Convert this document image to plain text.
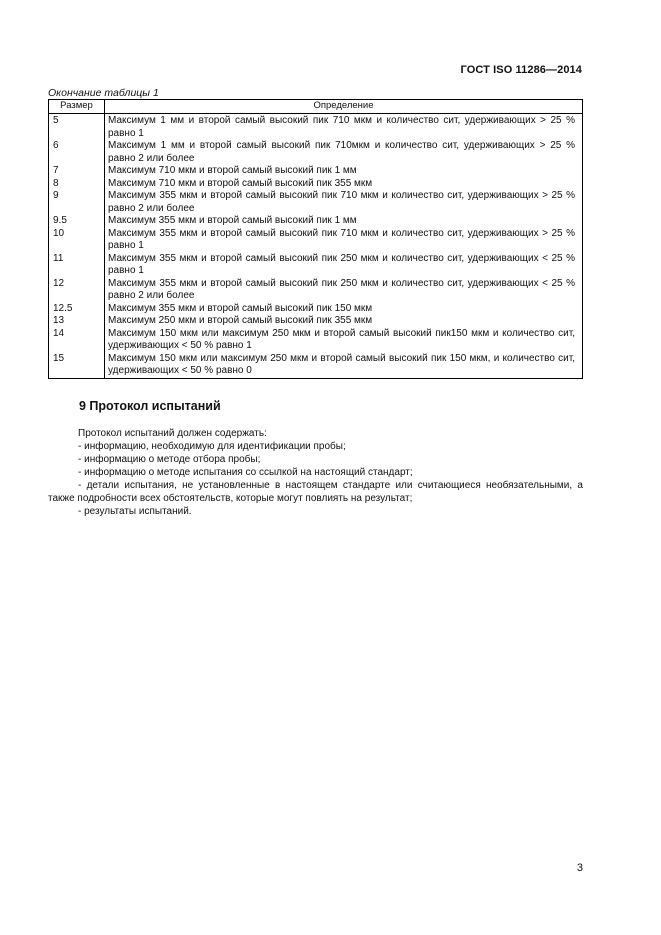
ГОСТ ISO 11286—2014
Окончание таблицы 1
Размер	Определение
5	Максимум 1 мм и второй самый высокий пик 710 мкм и количество сит, удерживающих > 25 % равно 1
6	Максимум 1 мм и второй самый высокий пик 710мкм и количество сит, удерживающих > 25 % равно 2 или более
7	Максимум 710 мкм и второй самый высокий пик 1 мм
8	Максимум 710 мкм и второй самый высокий пик 355 мкм
9	Максимум 355 мкм и второй самый высокий пик 710 мкм и количество сит, удерживающих > 25 % равно 2 или более
9.5	Максимум 355 мкм и второй самый высокий пик 1 мм
10	Максимум 355 мкм и второй самый высокий пик 710 мкм и количество сит, удерживающих > 25 % равно 1
11	Максимум 355 мкм и второй самый высокий пик 250 мкм и количество сит, удерживающих < 25 % равно 1
12	Максимум 355 мкм и второй самый высокий пик 250 мкм и количество сит, удерживающих < 25 % равно 2 или более
12.5	Максимум 355 мкм и второй самый высокий пик 150 мкм
13	Максимум 250 мкм и второй самый высокий пик 355 мкм
14	Максимум 150 мкм или максимум 250 мкм и второй самый высокий пик150 мкм и количество сит, удерживающих < 50 % равно 1
15	Максимум 150 мкм или максимум 250 мкм и второй самый высокий пик 150 мкм, и количество сит, удерживающих < 50 % равно 0
9 Протокол испытаний

Протокол испытаний должен содержать:

- информацию, необходимую для идентификации пробы;

- информацию о методе отбора пробы;

- информацию о методе испытания со ссылкой на настоящий стандарт;

- детали испытания, не установленные в настоящем стандарте или считающиеся необязательными, а также подробности всех обстоятельств, которые могут повлиять на результат;

- результаты испытаний.

3
